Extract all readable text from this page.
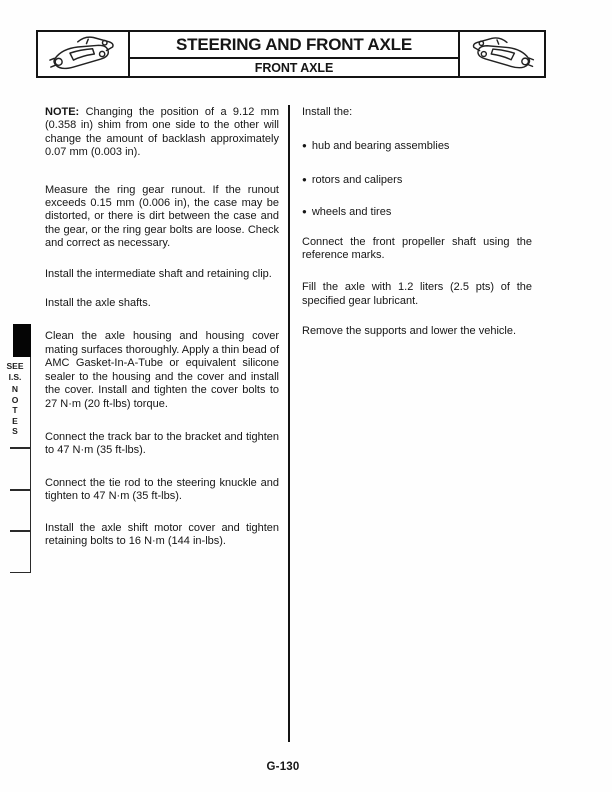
STEERING AND FRONT AXLE
FRONT AXLE

NOTE: Changing the position of a 9.12 mm (0.358 in) shim from one side to the other will change the amount of backlash approximately 0.07 mm (0.003 in).

Measure the ring gear runout. If the runout exceeds 0.15 mm (0.006 in), the case may be distorted, or there is dirt between the case and the gear, or the ring gear bolts are loose. Check and correct as necessary.

Install the intermediate shaft and retaining clip.

Install the axle shafts.

Clean the axle housing and housing cover mating surfaces thoroughly. Apply a thin bead of AMC Gasket-In-A-Tube or equivalent silicone sealer to the housing and the cover and install the cover. Install and tighten the cover bolts to 27 N·m (20 ft-lbs) torque.

Connect the track bar to the bracket and tighten to 47 N·m (35 ft-lbs).

Connect the tie rod to the steering knuckle and tighten to 47 N·m (35 ft-lbs).

Install the axle shift motor cover and tighten retaining bolts to 16 N·m (144 in-lbs).

Install the:

● hub and bearing assemblies
● rotors and calipers
● wheels and tires

Connect the front propeller shaft using the reference marks.

Fill the axle with 1.2 liters (2.5 pts) of the specified gear lubricant.

Remove the supports and lower the vehicle.

SEE
I.S.
N
O
T
E
S
G-130
